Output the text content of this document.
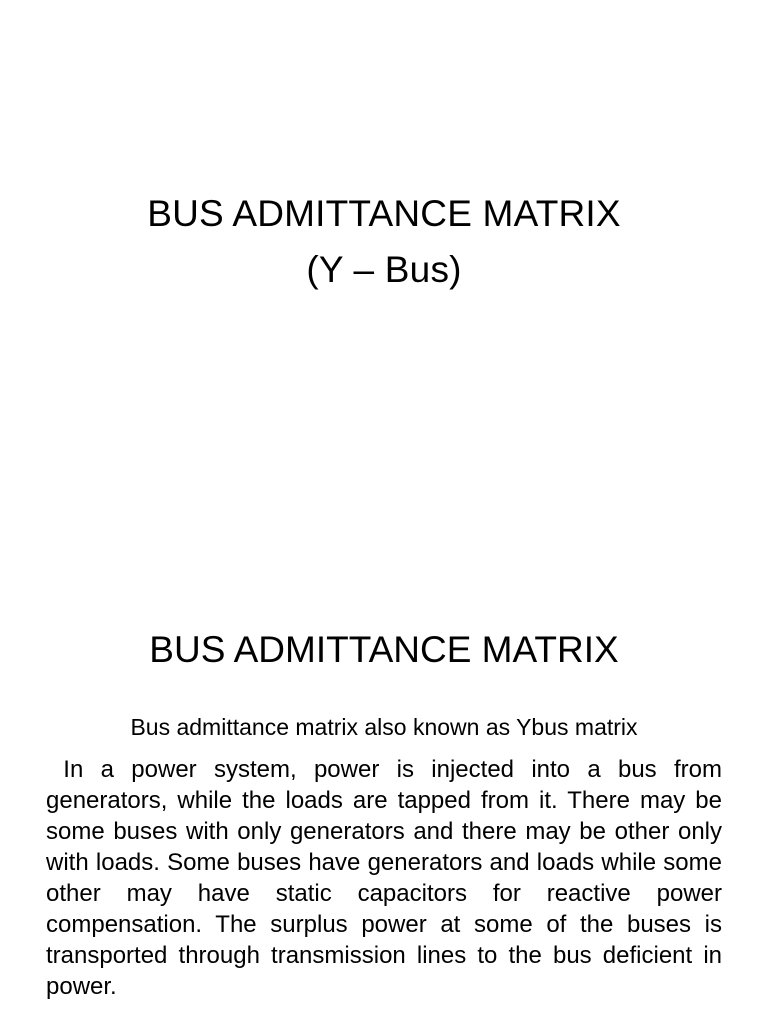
BUS ADMITTANCE MATRIX
(Y – Bus)
BUS ADMITTANCE MATRIX
Bus admittance matrix also known as Ybus matrix
In a power system, power is injected into a bus from generators, while the loads are tapped from it. There may be some buses with only generators and there may be other only with loads. Some buses have generators and loads while some other may have static capacitors for reactive power compensation. The surplus power at some of the buses is transported through transmission lines to the bus deficient in power.
